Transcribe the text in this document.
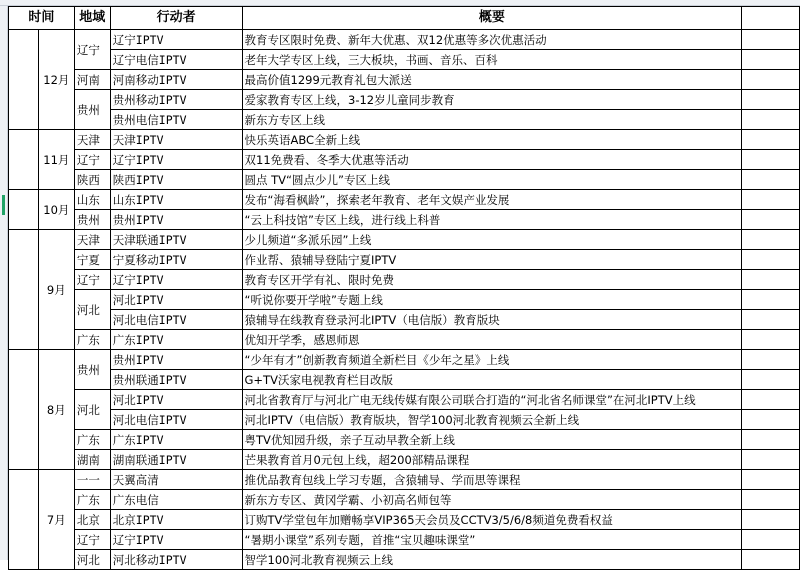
时间		地域	行动者	概要	
	12月	辽宁	辽宁IPTV	教育专区限时免费、新年大优惠、双12优惠等多次优惠活动	
			辽宁电信IPTV	老年大学专区上线，三大板块，书画、音乐、百科	
		河南	河南移动IPTV	最高价值1299元教育礼包大派送	
		贵州	贵州移动IPTV	爱家教育专区上线，3-12岁儿童同步教育	
			贵州电信IPTV	新东方专区上线	
	11月	天津	天津IPTV	快乐英语ABC全新上线	
		辽宁	辽宁IPTV	双11免费看、冬季大优惠等活动	
		陕西	陕西IPTV	圆点 TV“圆点少儿”专区上线	
	10月	山东	山东IPTV	发布“海看枫龄”，探索老年教育、老年文娱产业发展	
		贵州	贵州IPTV	“云上科技馆”专区上线，进行线上科普	
	9月	天津	天津联通IPTV	少儿频道“多派乐园”上线	
		宁夏	宁夏移动IPTV	作业帮、猿辅导登陆宁夏IPTV	
		辽宁	辽宁IPTV	教育专区开学有礼、限时免费	
		河北	河北IPTV	“听说你要开学啦”专题上线	
			河北电信IPTV	猿辅导在线教育登录河北IPTV（电信版）教育版块	
		广东	广东IPTV	优知开学季，感恩师恩	
	8月	贵州	贵州IPTV	“少年有才”创新教育频道全新栏目《少年之星》上线	
			贵州联通IPTV	G+TV沃家电视教育栏目改版	
		河北	河北IPTV	河北省教育厅与河北广电无线传媒有限公司联合打造的“河北省名师课堂”在河北IPTV上线	
			河北电信IPTV	河北IPTV（电信版）教育版块，智学100河北教育视频云全新上线	
		广东	广东IPTV	粤TV优知园升级，亲子互动早教全新上线	
		湖南	湖南联通IPTV	芒果教育首月0元包上线，超200部精品课程	
	7月	一一	天翼高清	推优品教育包线上学习专题，含猿辅导、学而思等课程	
		广东	广东电信	新东方专区、黄冈学霸、小初高名师包等	
		北京	北京IPTV	订购TV学堂包年加赠畅享VIP365天会员及CCTV3/5/6/8频道免费看权益	
		辽宁	辽宁IPTV	“暑期小课堂”系列专题，首推“宝贝趣味课堂”	
		河北	河北移动IPTV	智学100河北教育视频云上线	
